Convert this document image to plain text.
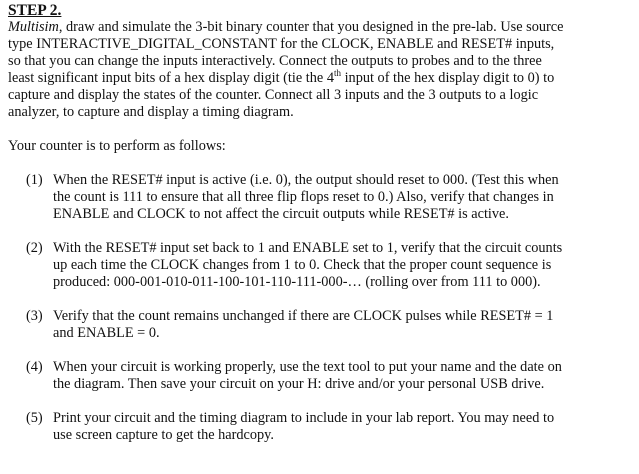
STEP 2.
Multisim, draw and simulate the 3-bit binary counter that you designed in the pre-lab. Use source
type INTERACTIVE_DIGITAL_CONSTANT for the CLOCK, ENABLE and RESET# inputs,
so that you can change the inputs interactively. Connect the outputs to probes and to the three
least significant input bits of a hex display digit (tie the 4th input of the hex display digit to 0) to
capture and display the states of the counter. Connect all 3 inputs and the 3 outputs to a logic
analyzer, to capture and display a timing diagram.
Your counter is to perform as follows:
(1) When the RESET# input is active (i.e. 0), the output should reset to 000. (Test this when
the count is 111 to ensure that all three flip flops reset to 0.) Also, verify that changes in
ENABLE and CLOCK to not affect the circuit outputs while RESET# is active.
(2) With the RESET# input set back to 1 and ENABLE set to 1, verify that the circuit counts
up each time the CLOCK changes from 1 to 0. Check that the proper count sequence is
produced: 000-001-010-011-100-101-110-111-000-… (rolling over from 111 to 000).
(3) Verify that the count remains unchanged if there are CLOCK pulses while RESET# = 1
and ENABLE = 0.
(4) When your circuit is working properly, use the text tool to put your name and the date on
the diagram. Then save your circuit on your H: drive and/or your personal USB drive.
(5) Print your circuit and the timing diagram to include in your lab report. You may need to
use screen capture to get the hardcopy.
